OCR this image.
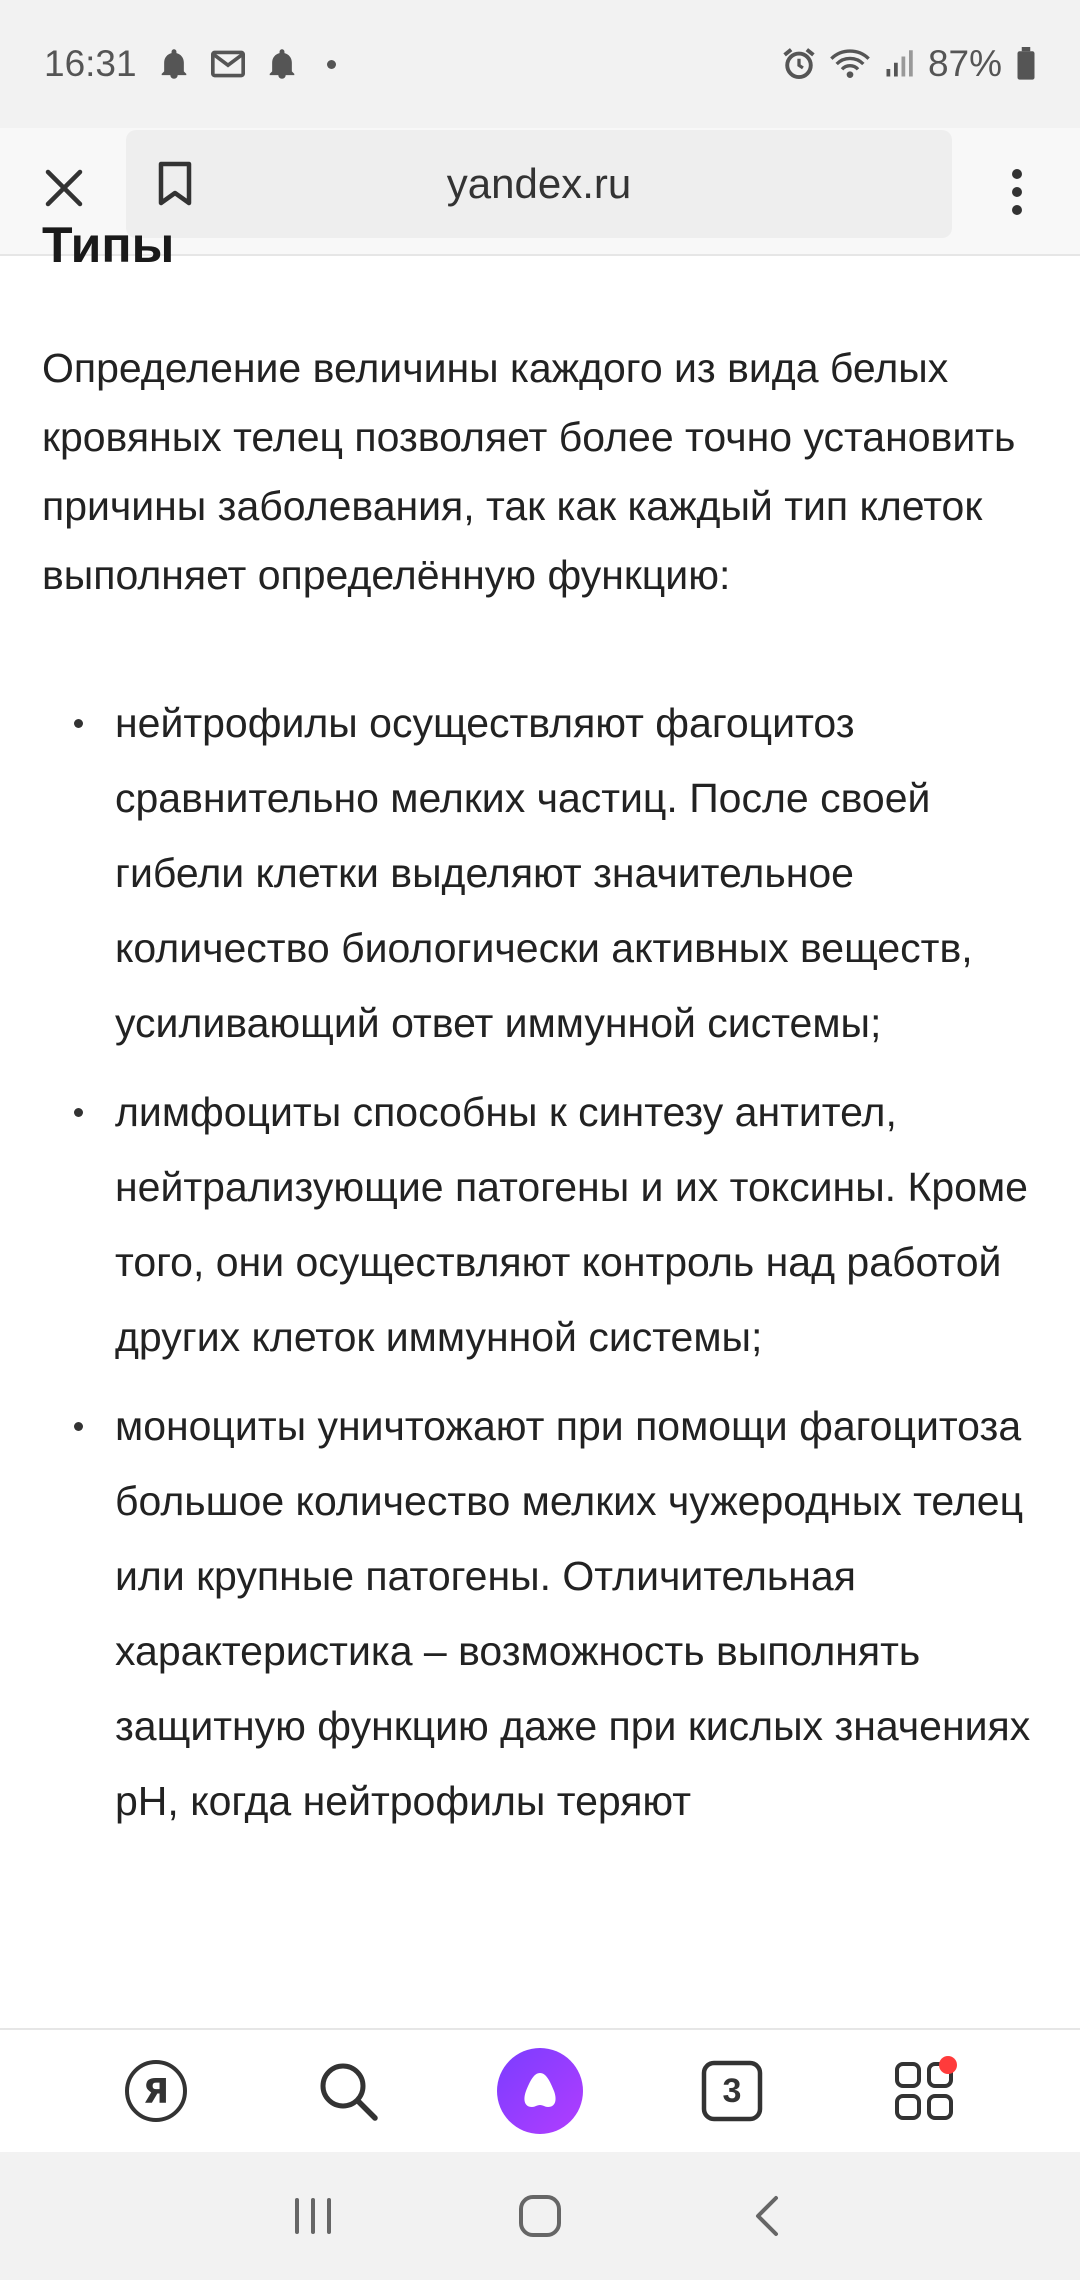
16:31	87%
yandex.ru
Типы

Определение величины каждого из вида белых кровяных телец позволяет более точно установить причины заболевания, так как каждый тип клеток выполняет определённую функцию:

нейтрофилы осуществляют фагоцитоз сравнительно мелких частиц. После своей гибели клетки выделяют значительное количество биологически активных веществ, усиливающий ответ иммунной системы;
лимфоциты способны к синтезу антител, нейтрализующие патогены и их токсины. Кроме того, они осуществляют контроль над работой других клеток иммунной системы;
моноциты уничтожают при помощи фагоцитоза большое количество мелких чужеродных телец или крупные патогены. Отличительная характеристика – возможность выполнять защитную функцию даже при кислых значениях pH, когда нейтрофилы теряют
Я	3
